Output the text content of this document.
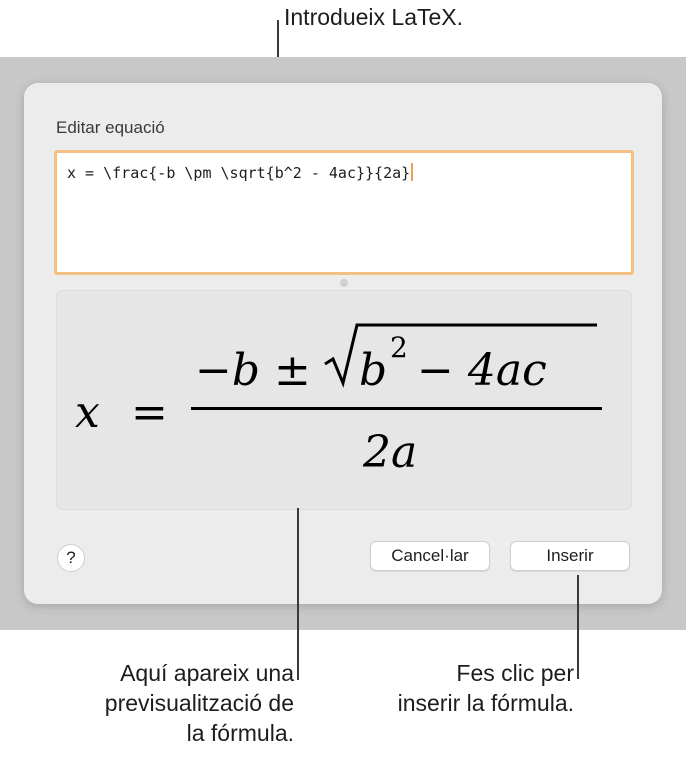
Introdueix LaTeX.
Editar equació
x = \frac{-b \pm \sqrt{b^2 - 4ac}}{2a}
x =
−b ± b 2 − 4ac
2a
?	Cancel·lar	Inserir
Aquí apareix una
previsualització de
la fórmula.
Fes clic per
inserir la fórmula.
